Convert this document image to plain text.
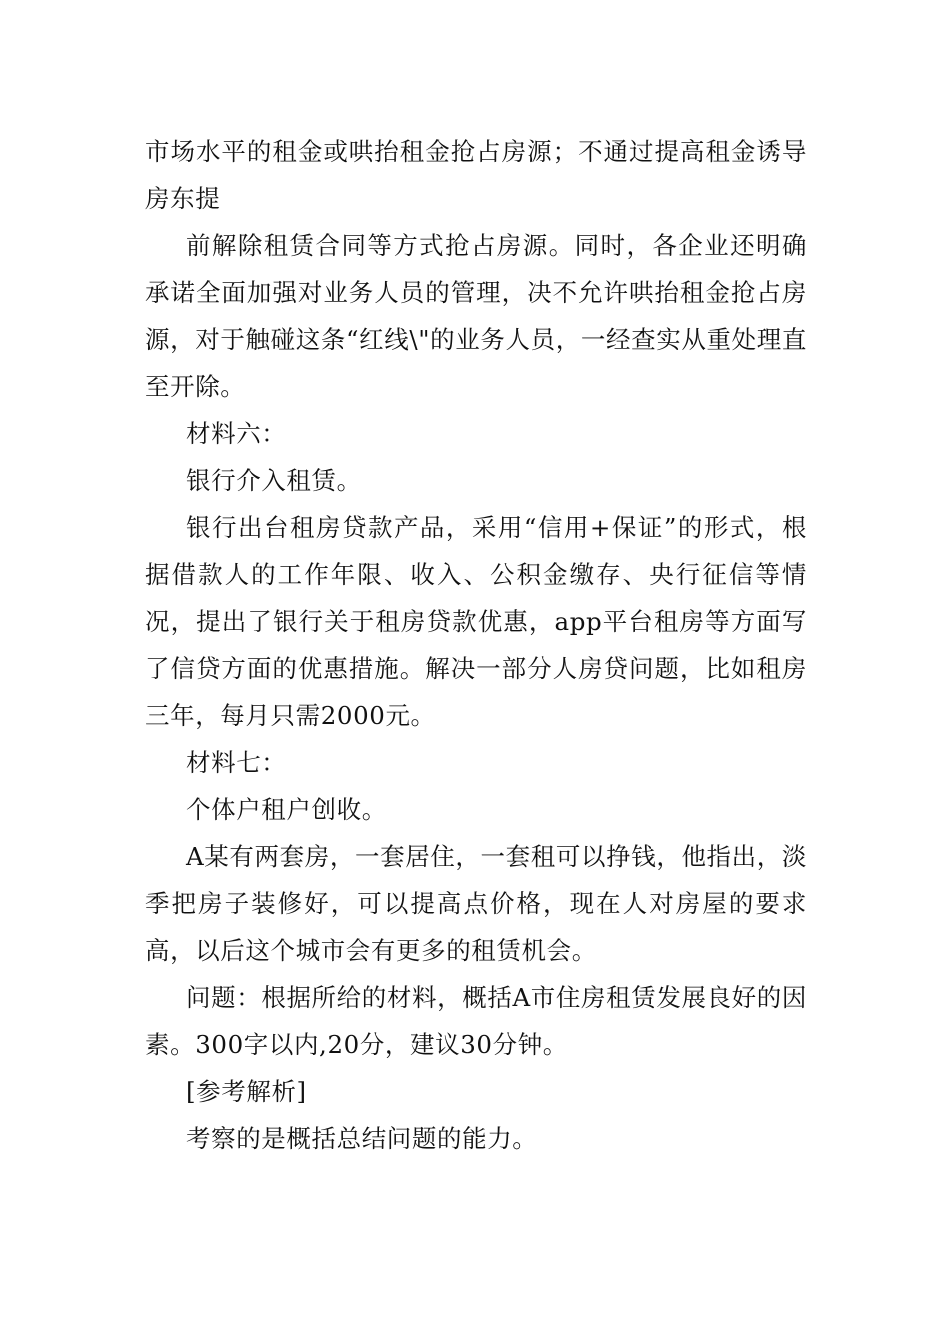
市场水平的租金或哄抬租金抢占房源；不通过提高租金诱导房东提

前解除租赁合同等方式抢占房源。同时，各企业还明确承诺全面加强对业务人员的管理，决不允许哄抬租金抢占房源，对于触碰这条“红线\"的业务人员，一经查实从重处理直至开除。

材料六：

银行介入租赁。

银行出台租房贷款产品，采用“信用+保证”的形式，根据借款人的工作年限、收入、公积金缴存、央行征信等情况，提出了银行关于租房贷款优惠，app平台租房等方面写了信贷方面的优惠措施。解决一部分人房贷问题，比如租房三年，每月只需2000元。

材料七：

个体户租户创收。

A某有两套房，一套居住，一套租可以挣钱，他指出，淡季把房子装修好，可以提高点价格，现在人对房屋的要求高，以后这个城市会有更多的租赁机会。

问题：根据所给的材料，概括A市住房租赁发展良好的因素。300字以内,20分，建议30分钟。

[参考解析]

考察的是概括总结问题的能力。
